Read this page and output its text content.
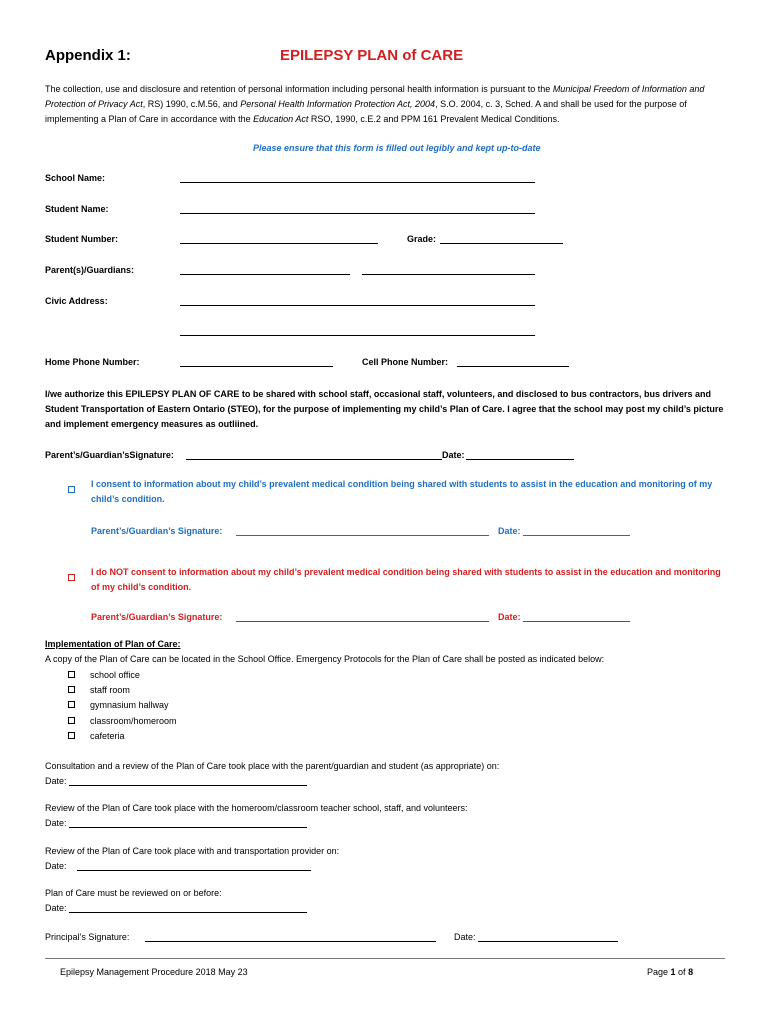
Appendix 1:	EPILEPSY PLAN of CARE
The collection, use and disclosure and retention of personal information including personal health information is pursuant to the Municipal Freedom of Information and Protection of Privacy Act, RS) 1990, c.M.56, and Personal Health Information Protection Act, 2004, S.O. 2004, c. 3, Sched. A and shall be used for the purpose of implementing a Plan of Care in accordance with the Education Act RSO, 1990, c.E.2 and PPM 161 Prevalent Medical Conditions.
Please ensure that this form is filled out legibly and kept up-to-date
School Name:
Student Name:
Student Number:	Grade:
Parent(s)/Guardians:
Civic Address:
Home Phone Number:	Cell Phone Number:
I/we authorize this EPILEPSY PLAN OF CARE to be shared with school staff, occasional staff, volunteers, and disclosed to bus contractors, bus drivers and Student Transportation of Eastern Ontario (STEO), for the purpose of implementing my child’s Plan of Care. I agree that the school may post my child’s picture and implement emergency measures as outliined.
Parent’s/Guardian’sSignature:	Date:
I consent to information about my child’s prevalent medical condition being shared with students to assist in the education and monitoring of my child’s condition.
Parent’s/Guardian’s Signature:	Date:
I do NOT consent to information about my child’s prevalent medical condition being shared with students to assist in the education and monitoring of my child’s condition.
Parent’s/Guardian’s Signature:	Date:
Implementation of Plan of Care:
A copy of the Plan of Care can be located in the School Office. Emergency Protocols for the Plan of Care shall be posted as indicated below:
school office
staff room
gymnasium hallway
classroom/homeroom
cafeteria
Consultation and a review of the Plan of Care took place with the parent/guardian and student (as appropriate) on:
Date:
Review of the Plan of Care took place with the homeroom/classroom teacher school, staff, and volunteers:
Date:
Review of the Plan of Care took place with and transportation provider on:
Date:
Plan of Care must be reviewed on or before:
Date:
Principal’s Signature:	Date:
Epilepsy Management Procedure 2018 May 23	Page 1 of 8
